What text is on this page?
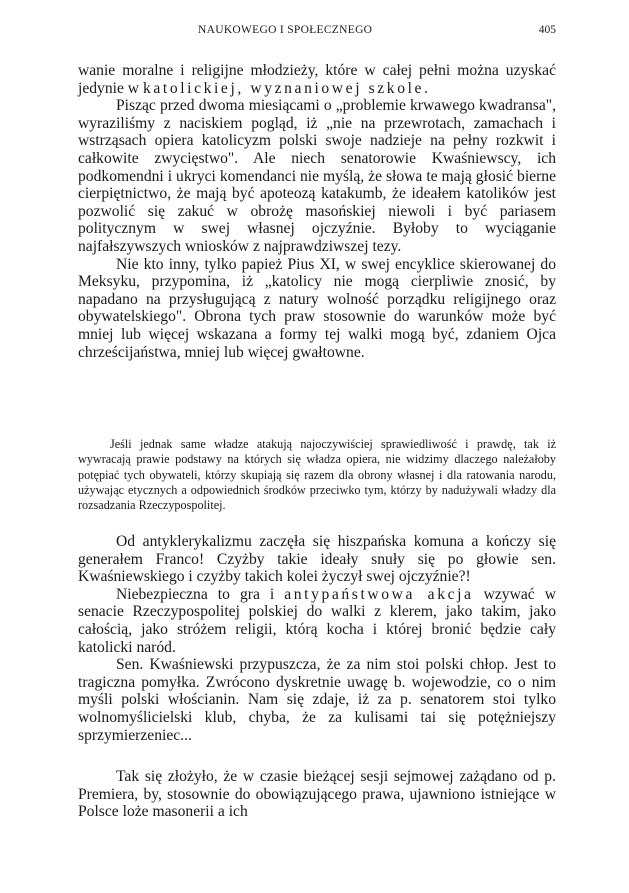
NAUKOWEGO I SPOŁECZNEGO	405

wanie moralne i religijne młodzieży, które w całej pełni można uzyskać jedynie w katolickiej, wyznaniowej szkole.

Pisząc przed dwoma miesiącami o „problemie krwawego kwadransa", wyraziliśmy z naciskiem pogląd, iż „nie na przewrotach, zamachach i wstrząsach opiera katolicyzm polski swoje nadzieje na pełny rozkwit i całkowite zwycięstwo". Ale niech senatorowie Kwaśniewscy, ich podkomendni i ukryci komendanci nie myślą, że słowa te mają głosić bierne cierpiętnictwo, że mają być apoteozą katakumb, że ideałem katolików jest pozwolić się zakuć w obrożę masońskiej niewoli i być pariasem politycznym w swej własnej ojczyźnie. Byłoby to wyciąganie najfałszywszych wniosków z najprawdziwszej tezy.

Nie kto inny, tylko papież Pius XI, w swej encyklice skierowanej do Meksyku, przypomina, iż „katolicy nie mogą cierpliwie znosić, by napadano na przysługującą z natury wolność porządku religijnego oraz obywatelskiego". Obrona tych praw stosownie do warunków może być mniej lub więcej wskazana a formy tej walki mogą być, zdaniem Ojca chrześcijaństwa, mniej lub więcej gwałtowne.

Jeśli jednak same władze atakują najoczywiściej sprawiedliwość i prawdę, tak iż wywracają prawie podstawy na których się władza opiera, nie widzimy dlaczego należałoby potępiać tych obywateli, którzy skupiają się razem dla obrony własnej i dla ratowania narodu, używając etycznych a odpowiednich środków przeciwko tym, którzy by nadużywali władzy dla rozsadzania Rzeczypospolitej.

Od antyklerykalizmu zaczęła się hiszpańska komuna a kończy się generałem Franco! Czyżby takie ideały snuły się po głowie sen. Kwaśniewskiego i czyżby takich kolei życzył swej ojczyźnie?!

Niebezpieczna to gra i antypaństwowa akcja wzywać w senacie Rzeczypospolitej polskiej do walki z klerem, jako takim, jako całością, jako stróżem religii, którą kocha i której bronić będzie cały katolicki naród.

Sen. Kwaśniewski przypuszcza, że za nim stoi polski chłop. Jest to tragiczna pomyłka. Zwrócono dyskretnie uwagę b. wojewodzie, co o nim myśli polski włościanin. Nam się zdaje, iż za p. senatorem stoi tylko wolnomyślicielski klub, chyba, że za kulisami tai się potężniejszy sprzymierzeniec...

Tak się złożyło, że w czasie bieżącej sesji sejmowej zażądano od p. Premiera, by, stosownie do obowiązującego prawa, ujawniono istniejące w Polsce loże masonerii a ich
